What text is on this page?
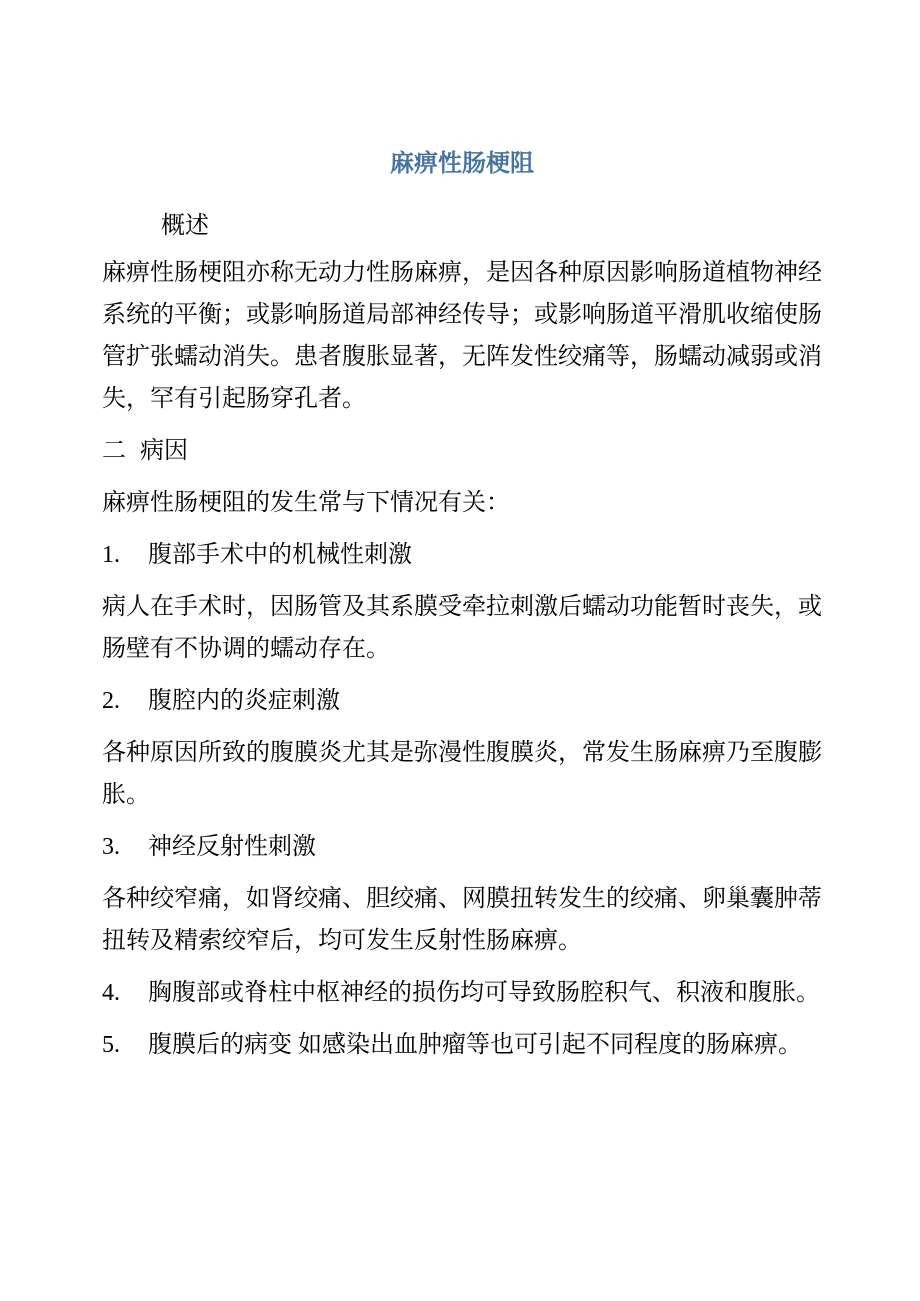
麻痹性肠梗阻
概述
麻痹性肠梗阻亦称无动力性肠麻痹，是因各种原因影响肠道植物神经系统的平衡；或影响肠道局部神经传导；或影响肠道平滑肌收缩使肠管扩张蠕动消失。患者腹胀显著，无阵发性绞痛等，肠蠕动减弱或消失，罕有引起肠穿孔者。
二 病因
麻痹性肠梗阻的发生常与下情况有关：
1. 腹部手术中的机械性刺激
病人在手术时，因肠管及其系膜受牵拉刺激后蠕动功能暂时丧失，或肠壁有不协调的蠕动存在。
2. 腹腔内的炎症刺激
各种原因所致的腹膜炎尤其是弥漫性腹膜炎，常发生肠麻痹乃至腹膨胀。
3. 神经反射性刺激
各种绞窄痛，如肾绞痛、胆绞痛、网膜扭转发生的绞痛、卵巢囊肿蒂扭转及精索绞窄后，均可发生反射性肠麻痹。
4. 胸腹部或脊柱中枢神经的损伤均可导致肠腔积气、积液和腹胀。
5. 腹膜后的病变 如感染出血肿瘤等也可引起不同程度的肠麻痹。
